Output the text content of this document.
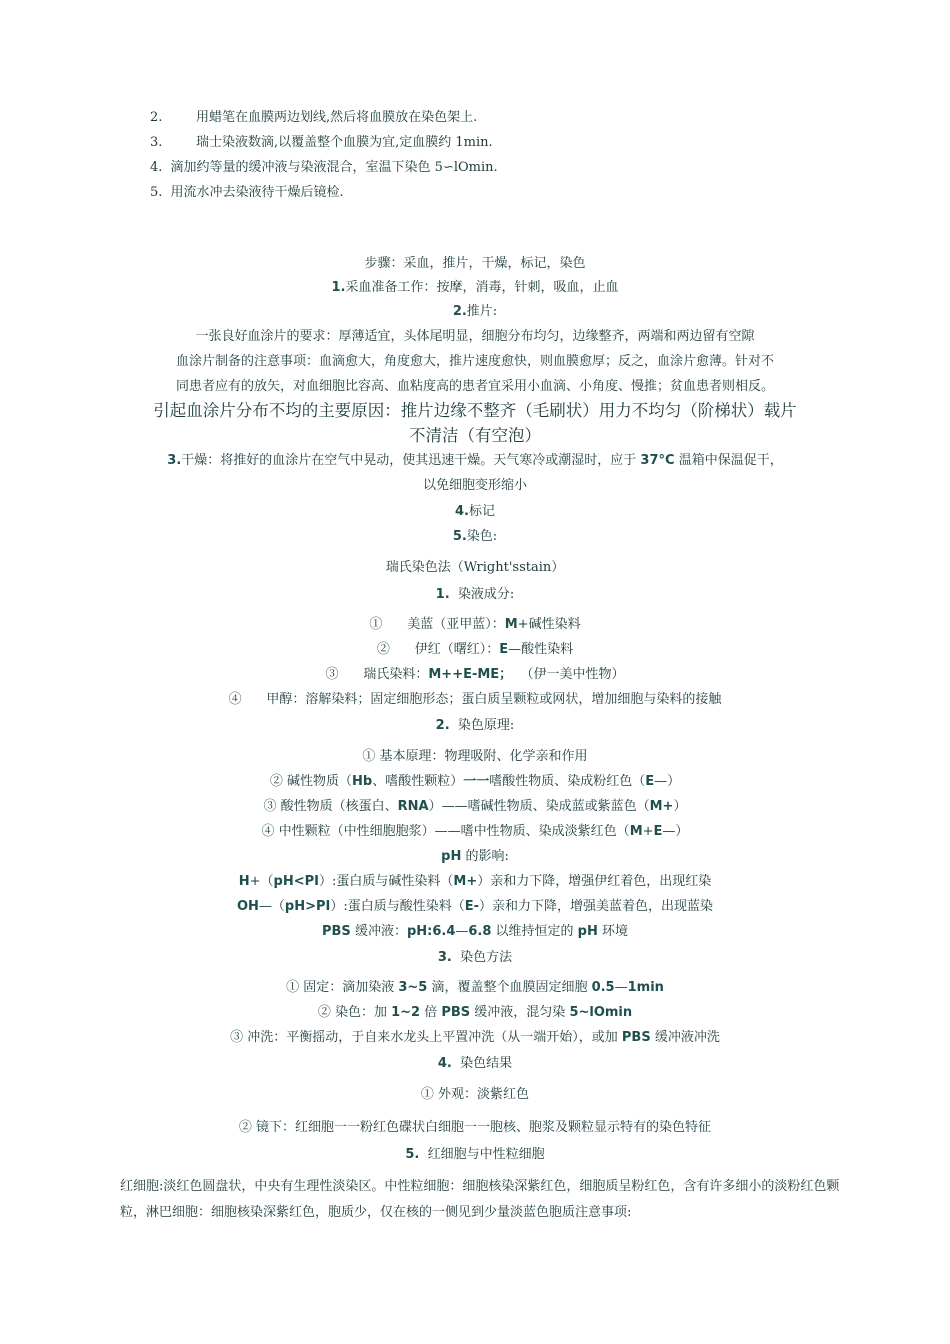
2.	用蜡笔在血膜两边划线,然后将血膜放在染色架上.
3.	瑞士染液数滴,以覆盖整个血膜为宜,定血膜约 1min.
4. 滴加约等量的缓冲液与染液混合，室温下染色 5∽lOmin.
5. 用流水冲去染液待干燥后镜检.
步骤：采血，推片，干燥，标记，染色
1.采血准备工作：按摩，消毒，针刺，吸血，止血
2.推片:
一张良好血涂片的要求：厚薄适宜，头体尾明显，细胞分布均匀，边缘整齐，两端和两边留有空隙
血涂片制备的注意事项：血滴愈大，角度愈大，推片速度愈快，则血膜愈厚；反之，血涂片愈薄。针对不
同患者应有的放矢，对血细胞比容高、血粘度高的患者宜采用小血滴、小角度、慢推；贫血患者则相反。
引起血涂片分布不均的主要原因：推片边缘不整齐（毛刷状）用力不均匀（阶梯状）载片
不清洁（有空泡）
3.干燥：将推好的血涂片在空气中晃动，使其迅速干燥。天气寒冷或潮湿时，应于 37°C 温箱中保温促干，
以免细胞变形缩小
4.标记
5.染色:
瑞氏染色法（Wright'sstain）
1. 染液成分:
① 美蓝（亚甲蓝）：M+碱性染料
② 伊红（曙红）：E—酸性染料
③ 瑞氏染料：M++E-ME； （伊一美中性物）
④ 甲醇：溶解染料；固定细胞形态；蛋白质呈颗粒或网状，增加细胞与染料的接触
2. 染色原理:
① 基本原理：物理吸附、化学亲和作用
② 碱性物质（Hb、嗜酸性颗粒）一一嗜酸性物质、染成粉红色（E—）
③ 酸性物质（核蛋白、RNA）——嗜碱性物质、染成蓝或紫蓝色（M+）
④ 中性颗粒（中性细胞胞浆）——嗜中性物质、染成淡紫红色（M+E—）
pH 的影响:
H+（pH<PI）:蛋白质与碱性染料（M+）亲和力下降，增强伊红着色，出现红染
OH—（pH>PI）:蛋白质与酸性染料（E-）亲和力下降，增强美蓝着色，出现蓝染
PBS 缓冲液：pH:6.4—6.8 以维持恒定的 pH 环境
3. 染色方法
① 固定：滴加染液 3~5 滴，覆盖整个血膜固定细胞 0.5—1min
② 染色：加 1~2 倍 PBS 缓冲液，混匀染 5~lOmin
③ 冲洗：平衡摇动，于自来水龙头上平置冲洗（从一端开始），或加 PBS 缓冲液冲洗
4. 染色结果
① 外观：淡紫红色
② 镜下：红细胞一一粉红色碟状白细胞一一胞核、胞浆及颗粒显示特有的染色特征
5. 红细胞与中性粒细胞
红细胞:淡红色圆盘状，中央有生理性淡染区。中性粒细胞：细胞核染深紫红色，细胞质呈粉红色，含有许多细小的淡粉红色颗粒，淋巴细胞：细胞核染深紫红色，胞质少，仅在核的一侧见到少量淡蓝色胞质注意事项:
